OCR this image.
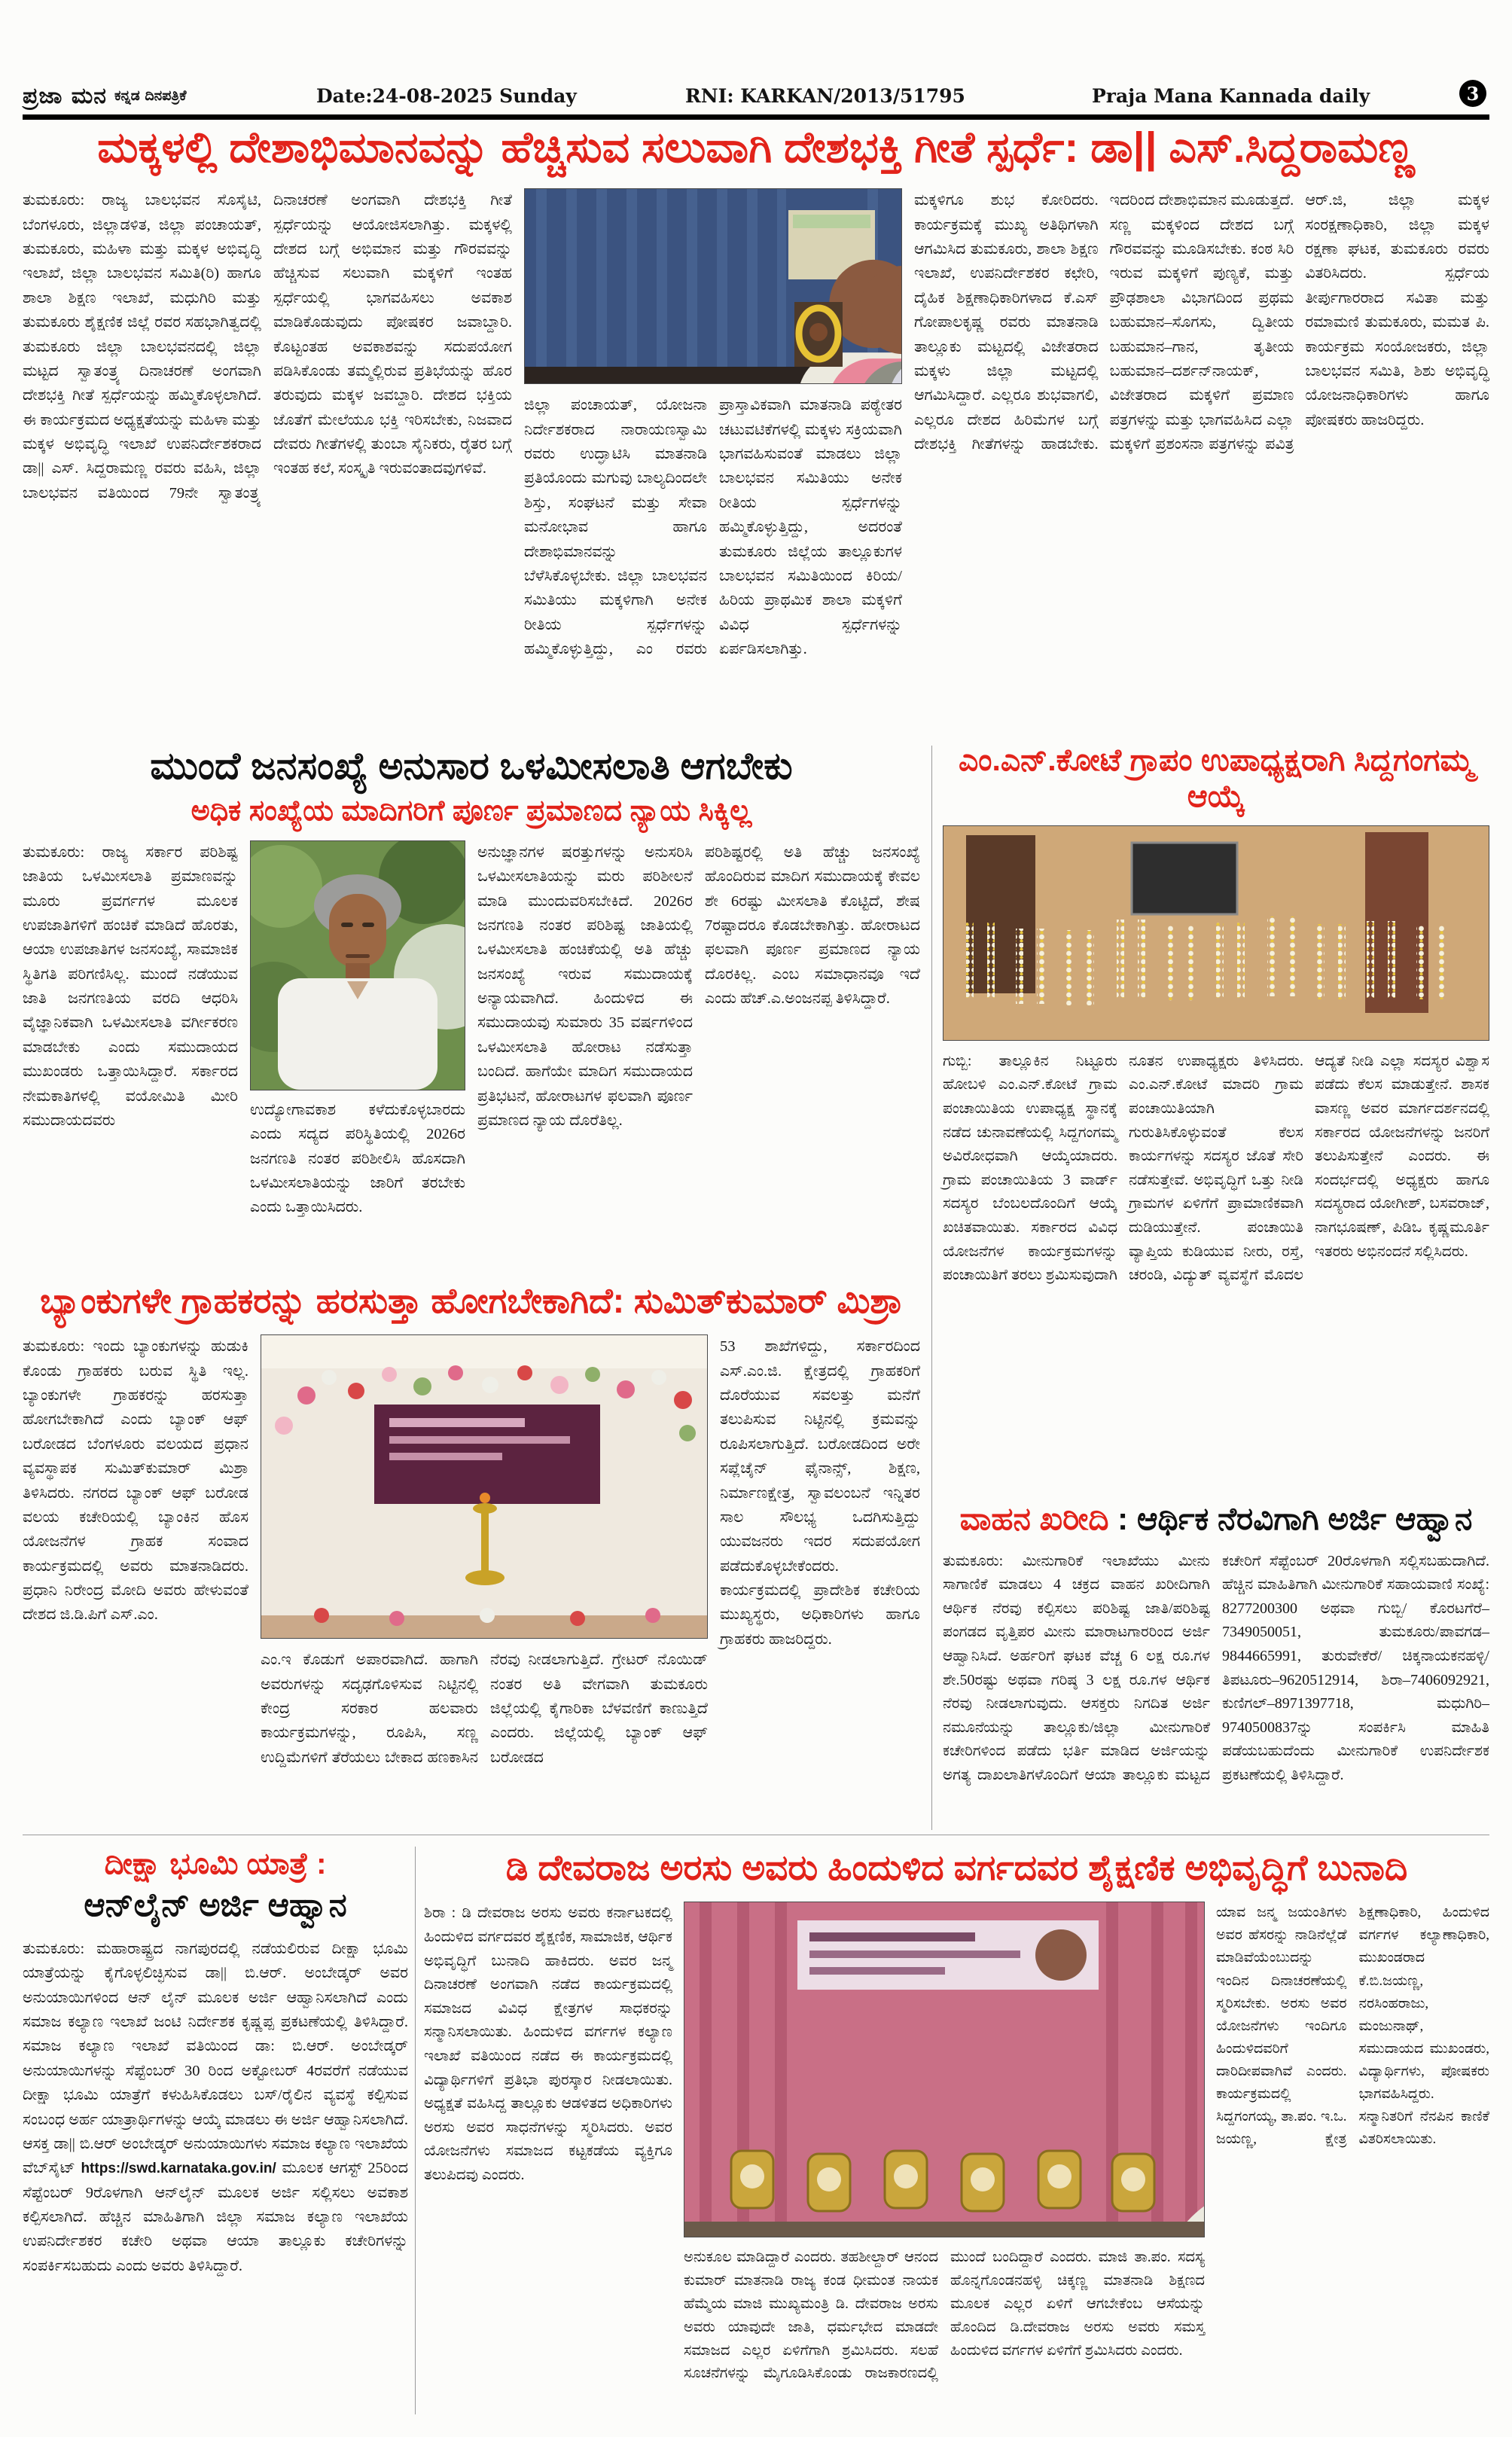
ಪ್ರಜಾ ಮನ ಕನ್ನಡ ದಿನಪತ್ರಿಕೆ	Date:24-08-2025 Sunday	RNI: KARKAN/2013/51795	Praja Mana Kannada daily	3
ಮಕ್ಕಳಲ್ಲಿ ದೇಶಾಭಿಮಾನವನ್ನು ಹೆಚ್ಚಿಸುವ ಸಲುವಾಗಿ ದೇಶಭಕ್ತಿ ಗೀತೆ ಸ್ಪರ್ಧೆ: ಡಾ|| ಎಸ್.ಸಿದ್ದರಾಮಣ್ಣ
ತುಮಕೂರು: ರಾಜ್ಯ ಬಾಲಭವನ ಸೊಸೈಟಿ, ಬೆಂಗಳೂರು, ಜಿಲ್ಲಾಡಳಿತ, ಜಿಲ್ಲಾ ಪಂಚಾಯತ್, ತುಮಕೂರು, ಮಹಿಳಾ ಮತ್ತು ಮಕ್ಕಳ ಅಭಿವೃದ್ಧಿ ಇಲಾಖೆ, ಜಿಲ್ಲಾ ಬಾಲಭವನ ಸಮಿತಿ(ರಿ) ಹಾಗೂ ಶಾಲಾ ಶಿಕ್ಷಣ ಇಲಾಖೆ, ಮಧುಗಿರಿ ಮತ್ತು ತುಮಕೂರು ಶೈಕ್ಷಣಿಕ ಜಿಲ್ಲೆ ರವರ ಸಹಭಾಗಿತ್ವದಲ್ಲಿ ತುಮಕೂರು ಜಿಲ್ಲಾ ಬಾಲಭವನದಲ್ಲಿ ಜಿಲ್ಲಾ ಮಟ್ಟದ ಸ್ವಾತಂತ್ರ್ಯ ದಿನಾಚರಣೆ ಅಂಗವಾಗಿ ದೇಶಭಕ್ತಿ ಗೀತೆ ಸ್ಪರ್ಧೆಯನ್ನು ಹಮ್ಮಿಕೊಳ್ಳಲಾಗಿದೆ. ಈ ಕಾರ್ಯಕ್ರಮದ ಅಧ್ಯಕ್ಷತೆಯನ್ನು ಮಹಿಳಾ ಮತ್ತು ಮಕ್ಕಳ ಅಭಿವೃದ್ಧಿ ಇಲಾಖೆ ಉಪನಿರ್ದೇಶಕರಾದ ಡಾ|| ಎಸ್. ಸಿದ್ದರಾಮಣ್ಣ ರವರು ವಹಿಸಿ, ಜಿಲ್ಲಾ ಬಾಲಭವನ ವತಿಯಿಂದ 79ನೇ ಸ್ವಾತಂತ್ರ್ಯ ದಿನಾಚರಣೆ ಅಂಗವಾಗಿ ದೇಶಭಕ್ತಿ ಗೀತೆ ಸ್ಪರ್ಧೆಯನ್ನು ಆಯೋಜಿಸಲಾಗಿತ್ತು. ಮಕ್ಕಳಲ್ಲಿ ದೇಶದ ಬಗ್ಗೆ ಅಭಿಮಾನ ಮತ್ತು ಗೌರವವನ್ನು ಹೆಚ್ಚಿಸುವ ಸಲುವಾಗಿ ಮಕ್ಕಳಿಗೆ ಇಂತಹ ಸ್ಪರ್ಧೆಯಲ್ಲಿ ಭಾಗವಹಿಸಲು ಅವಕಾಶ ಮಾಡಿಕೊಡುವುದು ಪೋಷಕರ ಜವಾಬ್ದಾರಿ. ಕೊಟ್ಟಂತಹ ಅವಕಾಶವನ್ನು ಸದುಪಯೋಗ ಪಡಿಸಿಕೊಂಡು ತಮ್ಮಲ್ಲಿರುವ ಪ್ರತಿಭೆಯನ್ನು ಹೊರ ತರುವುದು ಮಕ್ಕಳ ಜವಬ್ದಾರಿ. ದೇಶದ ಭಕ್ತಿಯ ಜೊತೆಗೆ ಮೇಲೆಯೂ ಭಕ್ತಿ ಇರಿಸಬೇಕು, ನಿಜವಾದ ದೇವರು ಗೀತೆಗಳಲ್ಲಿ ತುಂಬಾ ಸೈನಿಕರು, ರೈತರ ಬಗ್ಗೆ ಇಂತಹ ಕಲೆ, ಸಂಸ್ಕೃತಿ ಇರುವಂತಾದವುಗಳಿವೆ.
ಜಿಲ್ಲಾ ಪಂಚಾಯತ್, ಯೋಜನಾ ನಿರ್ದೇಶಕರಾದ ನಾರಾಯಣಸ್ವಾಮಿ ರವರು ಉದ್ಘಾಟಿಸಿ ಮಾತನಾಡಿ ಪ್ರತಿಯೊಂದು ಮಗುವು ಬಾಲ್ಯದಿಂದಲೇ ಶಿಸ್ತು, ಸಂಘಟನೆ ಮತ್ತು ಸೇವಾ ಮನೋಭಾವ ಹಾಗೂ ದೇಶಾಭಿಮಾನವನ್ನು ಬೆಳೆಸಿಕೊಳ್ಳಬೇಕು. ಜಿಲ್ಲಾ ಬಾಲಭವನ ಸಮಿತಿಯು ಮಕ್ಕಳಿಗಾಗಿ ಅನೇಕ ರೀತಿಯ ಸ್ಪರ್ಧೆಗಳನ್ನು ಹಮ್ಮಿಕೊಳ್ಳುತ್ತಿದ್ದು, ಎಂ ರವರು ಪ್ರಾಸ್ತಾವಿಕವಾಗಿ ಮಾತನಾಡಿ ಪಠ್ಯೇತರ ಚಟುವಟಿಕೆಗಳಲ್ಲಿ ಮಕ್ಕಳು ಸಕ್ರಿಯವಾಗಿ ಭಾಗವಹಿಸುವಂತೆ ಮಾಡಲು ಜಿಲ್ಲಾ ಬಾಲಭವನ ಸಮಿತಿಯು ಅನೇಕ ರೀತಿಯ ಸ್ಪರ್ಧೆಗಳನ್ನು ಹಮ್ಮಿಕೊಳ್ಳುತ್ತಿದ್ದು, ಅದರಂತೆ ತುಮಕೂರು ಜಿಲ್ಲೆಯ ತಾಲ್ಲೂಕುಗಳ ಬಾಲಭವನ ಸಮಿತಿಯಿಂದ ಕಿರಿಯ/ಹಿರಿಯ ಪ್ರಾಥಮಿಕ ಶಾಲಾ ಮಕ್ಕಳಿಗೆ ವಿವಿಧ ಸ್ಪರ್ಧೆಗಳನ್ನು ಏರ್ಪಡಿಸಲಾಗಿತ್ತು.
ಮಕ್ಕಳಿಗೂ ಶುಭ ಕೋರಿದರು. ಕಾರ್ಯಕ್ರಮಕ್ಕೆ ಮುಖ್ಯ ಅತಿಥಿಗಳಾಗಿ ಆಗಮಿಸಿದ ತುಮಕೂರು, ಶಾಲಾ ಶಿಕ್ಷಣ ಇಲಾಖೆ, ಉಪನಿರ್ದೇಶಕರ ಕಛೇರಿ, ದೈಹಿಕ ಶಿಕ್ಷಣಾಧಿಕಾರಿಗಳಾದ ಕೆ.ಎಸ್ ಗೋಪಾಲಕೃಷ್ಣ ರವರು ಮಾತನಾಡಿ ತಾಲ್ಲೂಕು ಮಟ್ಟದಲ್ಲಿ ವಿಜೇತರಾದ ಮಕ್ಕಳು ಜಿಲ್ಲಾ ಮಟ್ಟದಲ್ಲಿ ಆಗಮಿಸಿದ್ದಾರೆ. ಎಲ್ಲರೂ ಶುಭವಾಗಲಿ, ಎಲ್ಲರೂ ದೇಶದ ಹಿರಿಮೆಗಳ ಬಗ್ಗೆ ದೇಶಭಕ್ತಿ ಗೀತೆಗಳನ್ನು ಹಾಡಬೇಕು. ಇದರಿಂದ ದೇಶಾಭಿಮಾನ ಮೂಡುತ್ತದೆ. ಸಣ್ಣ ಮಕ್ಕಳಿಂದ ದೇಶದ ಬಗ್ಗೆ ಗೌರವವನ್ನು ಮೂಡಿಸಬೇಕು. ಕಂಠ ಸಿರಿ ಇರುವ ಮಕ್ಕಳಿಗೆ ಪುಣ್ಯಕೆ, ಮತ್ತು ಪ್ರೌಢಶಾಲಾ ವಿಭಾಗದಿಂದ ಪ್ರಥಮ ಬಹುಮಾನ–ಸೊಗಸು, ದ್ವಿತೀಯ ಬಹುಮಾನ–ಗಾನ, ತೃತೀಯ ಬಹುಮಾನ–ದರ್ಶನ್‌ನಾಯಕ್, ವಿಜೇತರಾದ ಮಕ್ಕಳಿಗೆ ಪ್ರಮಾಣ ಪತ್ರಗಳನ್ನು ಮತ್ತು ಭಾಗವಹಿಸಿದ ಎಲ್ಲಾ ಮಕ್ಕಳಿಗೆ ಪ್ರಶಂಸನಾ ಪತ್ರಗಳನ್ನು ಪವಿತ್ರ ಆರ್.ಜಿ, ಜಿಲ್ಲಾ ಮಕ್ಕಳ ಸಂರಕ್ಷಣಾಧಿಕಾರಿ, ಜಿಲ್ಲಾ ಮಕ್ಕಳ ರಕ್ಷಣಾ ಘಟಕ, ತುಮಕೂರು ರವರು ವಿತರಿಸಿದರು. ಸ್ಪರ್ಧೆಯ ತೀರ್ಪುಗಾರರಾದ ಸವಿತಾ ಮತ್ತು ರಮಾಮಣಿ ತುಮಕೂರು, ಮಮತ ಪಿ. ಕಾರ್ಯಕ್ರಮ ಸಂಯೋಜಕರು, ಜಿಲ್ಲಾ ಬಾಲಭವನ ಸಮಿತಿ, ಶಿಶು ಅಭಿವೃದ್ಧಿ ಯೋಜನಾಧಿಕಾರಿಗಳು ಹಾಗೂ ಪೋಷಕರು ಹಾಜರಿದ್ದರು.
ಮುಂದೆ ಜನಸಂಖ್ಯೆ ಅನುಸಾರ ಒಳಮೀಸಲಾತಿ ಆಗಬೇಕು
ಅಧಿಕ ಸಂಖ್ಯೆಯ ಮಾದಿಗರಿಗೆ ಪೂರ್ಣ ಪ್ರಮಾಣದ ನ್ಯಾಯ ಸಿಕ್ಕಿಲ್ಲ
ತುಮಕೂರು: ರಾಜ್ಯ ಸರ್ಕಾರ ಪರಿಶಿಷ್ಟ ಜಾತಿಯ ಒಳಮೀಸಲಾತಿ ಪ್ರಮಾಣವನ್ನು ಮೂರು ಪ್ರವರ್ಗಗಳ ಮೂಲಕ ಉಪಜಾತಿಗಳಿಗೆ ಹಂಚಿಕೆ ಮಾಡಿದೆ ಹೊರತು, ಆಯಾ ಉಪಜಾತಿಗಳ ಜನಸಂಖ್ಯೆ, ಸಾಮಾಜಿಕ ಸ್ಥಿತಿಗತಿ ಪರಿಗಣಿಸಿಲ್ಲ. ಮುಂದೆ ನಡೆಯುವ ಜಾತಿ ಜನಗಣತಿಯ ವರದಿ ಆಧರಿಸಿ ವೈಜ್ಞಾನಿಕವಾಗಿ ಒಳಮೀಸಲಾತಿ ವರ್ಗೀಕರಣ ಮಾಡಬೇಕು ಎಂದು ಸಮುದಾಯದ ಮುಖಂಡರು ಒತ್ತಾಯಿಸಿದ್ದಾರೆ. ಸರ್ಕಾರದ ನೇಮಕಾತಿಗಳಲ್ಲಿ ವಯೋಮಿತಿ ಮೀರಿ ಸಮುದಾಯದವರು
ಉದ್ಯೋಗಾವಕಾಶ ಕಳೆದುಕೊಳ್ಳಬಾರದು ಎಂದು ಸದ್ಯದ ಪರಿಸ್ಥಿತಿಯಲ್ಲಿ 2026ರ ಜನಗಣತಿ ನಂತರ ಪರಿಶೀಲಿಸಿ ಹೊಸದಾಗಿ ಒಳಮೀಸಲಾತಿಯನ್ನು ಜಾರಿಗೆ ತರಬೇಕು ಎಂದು ಒತ್ತಾಯಿಸಿದರು.
ಅನುಜ್ಞಾನಗಳ ಷರತ್ತುಗಳನ್ನು ಅನುಸರಿಸಿ ಒಳಮೀಸಲಾತಿಯನ್ನು ಮರು ಪರಿಶೀಲನೆ ಮಾಡಿ ಮುಂದುವರಿಸಬೇಕಿದೆ. 2026ರ ಜನಗಣತಿ ನಂತರ ಪರಿಶಿಷ್ಟ ಜಾತಿಯಲ್ಲಿ ಒಳಮೀಸಲಾತಿ ಹಂಚಿಕೆಯಲ್ಲಿ ಅತಿ ಹೆಚ್ಚು ಜನಸಂಖ್ಯೆ ಇರುವ ಸಮುದಾಯಕ್ಕೆ ಅನ್ಯಾಯವಾಗಿದೆ. ಹಿಂದುಳಿದ ಈ ಸಮುದಾಯವು ಸುಮಾರು 35 ವರ್ಷಗಳಿಂದ ಒಳಮೀಸಲಾತಿ ಹೋರಾಟ ನಡೆಸುತ್ತಾ ಬಂದಿದೆ. ಹಾಗೆಯೇ ಮಾದಿಗ ಸಮುದಾಯದ ಪ್ರತಿಭಟನೆ, ಹೋರಾಟಗಳ ಫಲವಾಗಿ ಪೂರ್ಣ ಪ್ರಮಾಣದ ನ್ಯಾಯ ದೊರೆತಿಲ್ಲ.
ಪರಿಶಿಷ್ಟರಲ್ಲಿ ಅತಿ ಹೆಚ್ಚು ಜನಸಂಖ್ಯೆ ಹೊಂದಿರುವ ಮಾದಿಗ ಸಮುದಾಯಕ್ಕೆ ಕೇವಲ ಶೇ 6ರಷ್ಟು ಮೀಸಲಾತಿ ಕೊಟ್ಟಿದೆ, ಶೇಷ 7ರಷ್ಟಾದರೂ ಕೊಡಬೇಕಾಗಿತ್ತು. ಹೋರಾಟದ ಫಲವಾಗಿ ಪೂರ್ಣ ಪ್ರಮಾಣದ ನ್ಯಾಯ ದೊರಕಿಲ್ಲ. ಎಂಬ ಸಮಾಧಾನವೂ ಇದೆ ಎಂದು ಹೆಚ್.ಎ.ಅಂಜನಪ್ಪ ತಿಳಿಸಿದ್ದಾರೆ.
ಎಂ.ಎನ್.ಕೋಟೆ ಗ್ರಾಪಂ ಉಪಾಧ್ಯಕ್ಷರಾಗಿ ಸಿದ್ದಗಂಗಮ್ಮ ಆಯ್ಕೆ
ಗುಬ್ಬಿ: ತಾಲ್ಲೂಕಿನ ನಿಟ್ಟೂರು ಹೋಬಳಿ ಎಂ.ಎನ್.ಕೋಟೆ ಗ್ರಾಮ ಪಂಚಾಯಿತಿಯ ಉಪಾಧ್ಯಕ್ಷ ಸ್ಥಾನಕ್ಕೆ ನಡೆದ ಚುನಾವಣೆಯಲ್ಲಿ ಸಿದ್ದಗಂಗಮ್ಮ ಅವಿರೋಧವಾಗಿ ಆಯ್ಕೆಯಾದರು. ಗ್ರಾಮ ಪಂಚಾಯಿತಿಯ 3 ವಾರ್ಡ್ ಸದಸ್ಯರ ಬೆಂಬಲದೊಂದಿಗೆ ಆಯ್ಕೆ ಖಚಿತವಾಯಿತು. ಸರ್ಕಾರದ ವಿವಿಧ ಯೋಜನೆಗಳ ಕಾರ್ಯಕ್ರಮಗಳನ್ನು ಪಂಚಾಯಿತಿಗೆ ತರಲು ಶ್ರಮಿಸುವುದಾಗಿ ನೂತನ ಉಪಾಧ್ಯಕ್ಷರು ತಿಳಿಸಿದರು. ಎಂ.ಎನ್.ಕೋಟೆ ಮಾದರಿ ಗ್ರಾಮ ಪಂಚಾಯಿತಿಯಾಗಿ ಗುರುತಿಸಿಕೊಳ್ಳುವಂತೆ ಕೆಲಸ ಕಾರ್ಯಗಳನ್ನು ಸದಸ್ಯರ ಜೊತೆ ಸೇರಿ ನಡೆಸುತ್ತೇವೆ. ಅಭಿವೃದ್ಧಿಗೆ ಒತ್ತು ನೀಡಿ ಗ್ರಾಮಗಳ ಏಳಿಗೆಗೆ ಪ್ರಾಮಾಣಿಕವಾಗಿ ದುಡಿಯುತ್ತೇನೆ. ಪಂಚಾಯಿತಿ ವ್ಯಾಪ್ತಿಯ ಕುಡಿಯುವ ನೀರು, ರಸ್ತೆ, ಚರಂಡಿ, ವಿದ್ಯುತ್ ವ್ಯವಸ್ಥೆಗೆ ಮೊದಲ ಆದ್ಯತೆ ನೀಡಿ ಎಲ್ಲಾ ಸದಸ್ಯರ ವಿಶ್ವಾಸ ಪಡೆದು ಕೆಲಸ ಮಾಡುತ್ತೇನೆ. ಶಾಸಕ ವಾಸಣ್ಣ ಅವರ ಮಾರ್ಗದರ್ಶನದಲ್ಲಿ ಸರ್ಕಾರದ ಯೋಜನೆಗಳನ್ನು ಜನರಿಗೆ ತಲುಪಿಸುತ್ತೇನೆ ಎಂದರು. ಈ ಸಂದರ್ಭದಲ್ಲಿ ಅಧ್ಯಕ್ಷರು ಹಾಗೂ ಸದಸ್ಯರಾದ ಯೋಗೀಶ್, ಬಸವರಾಜ್, ನಾಗಭೂಷಣ್, ಪಿಡಿಒ ಕೃಷ್ಣಮೂರ್ತಿ ಇತರರು ಅಭಿನಂದನೆ ಸಲ್ಲಿಸಿದರು.
ಬ್ಯಾಂಕುಗಳೇ ಗ್ರಾಹಕರನ್ನು ಹರಸುತ್ತಾ ಹೋಗಬೇಕಾಗಿದೆ: ಸುಮಿತ್‌ಕುಮಾರ್ ಮಿಶ್ರಾ
ತುಮಕೂರು: ಇಂದು ಬ್ಯಾಂಕುಗಳನ್ನು ಹುಡುಕಿ ಕೊಂಡು ಗ್ರಾಹಕರು ಬರುವ ಸ್ಥಿತಿ ಇಲ್ಲ. ಬ್ಯಾಂಕುಗಳೇ ಗ್ರಾಹಕರನ್ನು ಹರಸುತ್ತಾ ಹೋಗಬೇಕಾಗಿದೆ ಎಂದು ಬ್ಯಾಂಕ್ ಆಫ್ ಬರೋಡದ ಬೆಂಗಳೂರು ವಲಯದ ಪ್ರಧಾನ ವ್ಯವಸ್ಥಾಪಕ ಸುಮಿತ್‌ಕುಮಾರ್ ಮಿಶ್ರಾ ತಿಳಿಸಿದರು. ನಗರದ ಬ್ಯಾಂಕ್ ಆಫ್ ಬರೋಡ ವಲಯ ಕಚೇರಿಯಲ್ಲಿ ಬ್ಯಾಂಕಿನ ಹೊಸ ಯೋಜನೆಗಳ ಗ್ರಾಹಕ ಸಂವಾದ ಕಾರ್ಯಕ್ರಮದಲ್ಲಿ ಅವರು ಮಾತನಾಡಿದರು. ಪ್ರಧಾನಿ ನಿರೇಂದ್ರ ಮೋದಿ ಅವರು ಹೇಳುವಂತೆ ದೇಶದ ಜಿ.ಡಿ.ಪಿಗೆ ಎಸ್.ಎಂ.
ಎಂ.ಇ ಕೊಡುಗೆ ಅಪಾರವಾಗಿದೆ. ಹಾಗಾಗಿ ಅವರುಗಳನ್ನು ಸದೃಢಗೊಳಿಸುವ ನಿಟ್ಟಿನಲ್ಲಿ ಕೇಂದ್ರ ಸರಕಾರ ಹಲವಾರು ಕಾರ್ಯಕ್ರಮಗಳನ್ನು, ರೂಪಿಸಿ, ಸಣ್ಣ ಉದ್ದಿಮೆಗಳಿಗೆ ತೆರೆಯಲು ಬೇಕಾದ ಹಣಕಾಸಿನ ನೆರವು ನೀಡಲಾಗುತ್ತಿದೆ. ಗ್ರೇಟರ್ ನೊಯಿಡ್ ನಂತರ ಅತಿ ವೇಗವಾಗಿ ತುಮಕೂರು ಜಿಲ್ಲೆಯಲ್ಲಿ ಕೈಗಾರಿಕಾ ಬೆಳವಣಿಗೆ ಕಾಣುತ್ತಿದೆ ಎಂದರು. ಜಿಲ್ಲೆಯಲ್ಲಿ ಬ್ಯಾಂಕ್ ಆಫ್ ಬರೋಡದ
53 ಶಾಖೆಗಳಿದ್ದು, ಸರ್ಕಾರದಿಂದ ಎಸ್.ಎಂ.ಜಿ. ಕ್ಷೇತ್ರದಲ್ಲಿ ಗ್ರಾಹಕರಿಗೆ ದೊರೆಯುವ ಸವಲತ್ತು ಮನೆಗೆ ತಲುಪಿಸುವ ನಿಟ್ಟಿನಲ್ಲಿ ಕ್ರಮವನ್ನು ರೂಪಿಸಲಾಗುತ್ತಿದೆ. ಬರೋಡದಿಂದ ಅರೇ ಸಪ್ಲೆಚೈನ್ ಫೈನಾನ್ಸ್, ಶಿಕ್ಷಣ, ನಿರ್ಮಾಣಕ್ಷೇತ್ರ, ಸ್ವಾವಲಂಬನೆ ಇನ್ನಿತರ ಸಾಲ ಸೌಲಭ್ಯ ಒದಗಿಸುತ್ತಿದ್ದು ಯುವಜನರು ಇದರ ಸದುಪಯೋಗ ಪಡೆದುಕೊಳ್ಳಬೇಕೆಂದರು. ಕಾರ್ಯಕ್ರಮದಲ್ಲಿ ಪ್ರಾದೇಶಿಕ ಕಚೇರಿಯ ಮುಖ್ಯಸ್ಥರು, ಅಧಿಕಾರಿಗಳು ಹಾಗೂ ಗ್ರಾಹಕರು ಹಾಜರಿದ್ದರು.
ವಾಹನ ಖರೀದಿ : ಆರ್ಥಿಕ ನೆರವಿಗಾಗಿ ಅರ್ಜಿ ಆಹ್ವಾನ
ತುಮಕೂರು: ಮೀನುಗಾರಿಕೆ ಇಲಾಖೆಯು ಮೀನು ಸಾಗಾಣಿಕೆ ಮಾಡಲು 4 ಚಕ್ರದ ವಾಹನ ಖರೀದಿಗಾಗಿ ಆರ್ಥಿಕ ನೆರವು ಕಲ್ಪಿಸಲು ಪರಿಶಿಷ್ಟ ಜಾತಿ/ಪರಿಶಿಷ್ಟ ಪಂಗಡದ ವೃತ್ತಿಪರ ಮೀನು ಮಾರಾಟಗಾರರಿಂದ ಅರ್ಜಿ ಆಹ್ವಾನಿಸಿದೆ. ಅರ್ಹರಿಗೆ ಘಟಕ ವೆಚ್ಚ 6 ಲಕ್ಷ ರೂ.ಗಳ ಶೇ.50ರಷ್ಟು ಅಥವಾ ಗರಿಷ್ಠ 3 ಲಕ್ಷ ರೂ.ಗಳ ಆರ್ಥಿಕ ನೆರವು ನೀಡಲಾಗುವುದು. ಆಸಕ್ತರು ನಿಗದಿತ ಅರ್ಜಿ ನಮೂನೆಯನ್ನು ತಾಲ್ಲೂಕು/ಜಿಲ್ಲಾ ಮೀನುಗಾರಿಕೆ ಕಚೇರಿಗಳಿಂದ ಪಡೆದು ಭರ್ತಿ ಮಾಡಿದ ಅರ್ಜಿಯನ್ನು ಅಗತ್ಯ ದಾಖಲಾತಿಗಳೊಂದಿಗೆ ಆಯಾ ತಾಲ್ಲೂಕು ಮಟ್ಟದ ಕಚೇರಿಗೆ ಸೆಪ್ಟೆಂಬರ್ 20ರೊಳಗಾಗಿ ಸಲ್ಲಿಸಬಹುದಾಗಿದೆ. ಹೆಚ್ಚಿನ ಮಾಹಿತಿಗಾಗಿ ಮೀನುಗಾರಿಕೆ ಸಹಾಯವಾಣಿ ಸಂಖ್ಯೆ: 8277200300 ಅಥವಾ ಗುಬ್ಬಿ/ ಕೊರಟಗೆರೆ–7349050051, ತುಮಕೂರು/ಪಾವಗಡ–9844665991, ತುರುವೇಕೆರೆ/ ಚಿಕ್ಕನಾಯಕನಹಳ್ಳಿ/ ತಿಪಟೂರು–9620512914, ಶಿರಾ–7406092921, ಕುಣಿಗಲ್–8971397718, ಮಧುಗಿರಿ–9740500837ನ್ನು ಸಂಪರ್ಕಿಸಿ ಮಾಹಿತಿ ಪಡೆಯಬಹುದೆಂದು ಮೀನುಗಾರಿಕೆ ಉಪನಿರ್ದೇಶಕ ಪ್ರಕಟಣೆಯಲ್ಲಿ ತಿಳಿಸಿದ್ದಾರೆ.
ದೀಕ್ಷಾ ಭೂಮಿ ಯಾತ್ರೆ :
ಆನ್‌ಲೈನ್ ಅರ್ಜಿ ಆಹ್ವಾನ
ತುಮಕೂರು: ಮಹಾರಾಷ್ಟ್ರದ ನಾಗಪುರದಲ್ಲಿ ನಡೆಯಲಿರುವ ದೀಕ್ಷಾ ಭೂಮಿ ಯಾತ್ರೆಯನ್ನು ಕೈಗೊಳ್ಳಲಿಚ್ಛಿಸುವ ಡಾ|| ಬಿ.ಆರ್. ಅಂಬೇಡ್ಕರ್ ಅವರ ಅನುಯಾಯಿಗಳಿಂದ ಆನ್ ಲೈನ್ ಮೂಲಕ ಅರ್ಜಿ ಆಹ್ವಾನಿಸಲಾಗಿದೆ ಎಂದು ಸಮಾಜ ಕಲ್ಯಾಣ ಇಲಾಖೆ ಜಂಟಿ ನಿರ್ದೇಶಕ ಕೃಷ್ಣಪ್ಪ ಪ್ರಕಟಣೆಯಲ್ಲಿ ತಿಳಿಸಿದ್ದಾರೆ. ಸಮಾಜ ಕಲ್ಯಾಣ ಇಲಾಖೆ ವತಿಯಿಂದ ಡಾ: ಬಿ.ಆರ್. ಅಂಬೇಡ್ಕರ್ ಅನುಯಾಯಿಗಳನ್ನು ಸೆಪ್ಟೆಂಬರ್ 30 ರಿಂದ ಅಕ್ಟೋಬರ್ 4ರವರೆಗೆ ನಡೆಯುವ ದೀಕ್ಷಾ ಭೂಮಿ ಯಾತ್ರೆಗೆ ಕಳುಹಿಸಿಕೊಡಲು ಬಸ್/ರೈಲಿನ ವ್ಯವಸ್ಥೆ ಕಲ್ಪಿಸುವ ಸಂಬಂಧ ಅರ್ಹ ಯಾತ್ರಾರ್ಥಿಗಳನ್ನು ಆಯ್ಕೆ ಮಾಡಲು ಈ ಅರ್ಜಿ ಆಹ್ವಾನಿಸಲಾಗಿದೆ. ಆಸಕ್ತ ಡಾ|| ಬಿ.ಆರ್ ಅಂಬೇಡ್ಕರ್ ಅನುಯಾಯಿಗಳು ಸಮಾಜ ಕಲ್ಯಾಣ ಇಲಾಖೆಯ ವೆಬ್‌ಸೈಟ್ https://swd.karnataka.gov.in/ ಮೂಲಕ ಆಗಸ್ಟ್ 25ರಿಂದ ಸೆಪ್ಟೆಂಬರ್ 9ರೊಳಗಾಗಿ ಆನ್‌ಲೈನ್ ಮೂಲಕ ಅರ್ಜಿ ಸಲ್ಲಿಸಲು ಅವಕಾಶ ಕಲ್ಪಿಸಲಾಗಿದೆ. ಹೆಚ್ಚಿನ ಮಾಹಿತಿಗಾಗಿ ಜಿಲ್ಲಾ ಸಮಾಜ ಕಲ್ಯಾಣ ಇಲಾಖೆಯ ಉಪನಿರ್ದೇಶಕರ ಕಚೇರಿ ಅಥವಾ ಆಯಾ ತಾಲ್ಲೂಕು ಕಚೇರಿಗಳನ್ನು ಸಂಪರ್ಕಿಸಬಹುದು ಎಂದು ಅವರು ತಿಳಿಸಿದ್ದಾರೆ.
ಡಿ ದೇವರಾಜ ಅರಸು ಅವರು ಹಿಂದುಳಿದ ವರ್ಗದವರ ಶೈಕ್ಷಣಿಕ ಅಭಿವೃದ್ಧಿಗೆ ಬುನಾದಿ
ಶಿರಾ : ಡಿ ದೇವರಾಜ ಅರಸು ಅವರು ಕರ್ನಾಟಕದಲ್ಲಿ ಹಿಂದುಳಿದ ವರ್ಗದವರ ಶೈಕ್ಷಣಿಕ, ಸಾಮಾಜಿಕ, ಆರ್ಥಿಕ ಅಭಿವೃದ್ಧಿಗೆ ಬುನಾದಿ ಹಾಕಿದರು. ಅವರ ಜನ್ಮ ದಿನಾಚರಣೆ ಅಂಗವಾಗಿ ನಡೆದ ಕಾರ್ಯಕ್ರಮದಲ್ಲಿ ಸಮಾಜದ ವಿವಿಧ ಕ್ಷೇತ್ರಗಳ ಸಾಧಕರನ್ನು ಸನ್ಮಾನಿಸಲಾಯಿತು. ಹಿಂದುಳಿದ ವರ್ಗಗಳ ಕಲ್ಯಾಣ ಇಲಾಖೆ ವತಿಯಿಂದ ನಡೆದ ಈ ಕಾರ್ಯಕ್ರಮದಲ್ಲಿ ವಿದ್ಯಾರ್ಥಿಗಳಿಗೆ ಪ್ರತಿಭಾ ಪುರಸ್ಕಾರ ನೀಡಲಾಯಿತು. ಅಧ್ಯಕ್ಷತೆ ವಹಿಸಿದ್ದ ತಾಲ್ಲೂಕು ಆಡಳಿತದ ಅಧಿಕಾರಿಗಳು ಅರಸು ಅವರ ಸಾಧನೆಗಳನ್ನು ಸ್ಮರಿಸಿದರು. ಅವರ ಯೋಜನೆಗಳು ಸಮಾಜದ ಕಟ್ಟಕಡೆಯ ವ್ಯಕ್ತಿಗೂ ತಲುಪಿದವು ಎಂದರು.
ಅನುಕೂಲ ಮಾಡಿದ್ದಾರೆ ಎಂದರು. ತಹಶೀಲ್ದಾರ್ ಆನಂದ ಕುಮಾರ್ ಮಾತನಾಡಿ ರಾಜ್ಯ ಕಂಡ ಧೀಮಂತ ನಾಯಕ ಹೆಮ್ಮೆಯ ಮಾಜಿ ಮುಖ್ಯಮಂತ್ರಿ ಡಿ. ದೇವರಾಜ ಅರಸು ಅವರು ಯಾವುದೇ ಜಾತಿ, ಧರ್ಮಭೇದ ಮಾಡದೇ ಸಮಾಜದ ಎಲ್ಲರ ಏಳಿಗೆಗಾಗಿ ಶ್ರಮಿಸಿದರು. ಸಲಹೆ ಸೂಚನೆಗಳನ್ನು ಮೈಗೂಡಿಸಿಕೊಂಡು ರಾಜಕಾರಣದಲ್ಲಿ ಮುಂದೆ ಬಂದಿದ್ದಾರೆ ಎಂದರು. ಮಾಜಿ ತಾ.ಪಂ. ಸದಸ್ಯ ಹೊನ್ನಗೊಂಡನಹಳ್ಳಿ ಚಿಕ್ಕಣ್ಣ ಮಾತನಾಡಿ ಶಿಕ್ಷಣದ ಮೂಲಕ ಎಲ್ಲರ ಏಳಿಗೆ ಆಗಬೇಕೆಂಬ ಆಸೆಯನ್ನು ಹೊಂದಿದ ಡಿ.ದೇವರಾಜ ಅರಸು ಅವರು ಸಮಸ್ತ ಹಿಂದುಳಿದ ವರ್ಗಗಳ ಏಳಿಗೆಗೆ ಶ್ರಮಿಸಿದರು ಎಂದರು.
ಯಾವ ಜನ್ಮ ಜಯಂತಿಗಳು ಅವರ ಹೆಸರನ್ನು ನಾಡಿನೆಲ್ಲೆಡೆ ಮಾಡಿವೆಯೆಂಬುದನ್ನು ಇಂದಿನ ದಿನಾಚರಣೆಯಲ್ಲಿ ಸ್ಮರಿಸಬೇಕು. ಅರಸು ಅವರ ಯೋಜನೆಗಳು ಇಂದಿಗೂ ಹಿಂದುಳಿದವರಿಗೆ ದಾರಿದೀಪವಾಗಿವೆ ಎಂದರು. ಕಾರ್ಯಕ್ರಮದಲ್ಲಿ ಸಿದ್ದಗಂಗಯ್ಯ, ತಾ.ಪಂ. ಇ.ಒ. ಜಯಣ್ಣ, ಕ್ಷೇತ್ರ ಶಿಕ್ಷಣಾಧಿಕಾರಿ, ಹಿಂದುಳಿದ ವರ್ಗಗಳ ಕಲ್ಯಾಣಾಧಿಕಾರಿ, ಮುಖಂಡರಾದ ಕೆ.ಬಿ.ಜಯಣ್ಣ, ನರಸಿಂಹರಾಜು, ಮಂಜುನಾಥ್, ಸಮುದಾಯದ ಮುಖಂಡರು, ವಿದ್ಯಾರ್ಥಿಗಳು, ಪೋಷಕರು ಭಾಗವಹಿಸಿದ್ದರು. ಸನ್ಮಾನಿತರಿಗೆ ನೆನಪಿನ ಕಾಣಿಕೆ ವಿತರಿಸಲಾಯಿತು.
